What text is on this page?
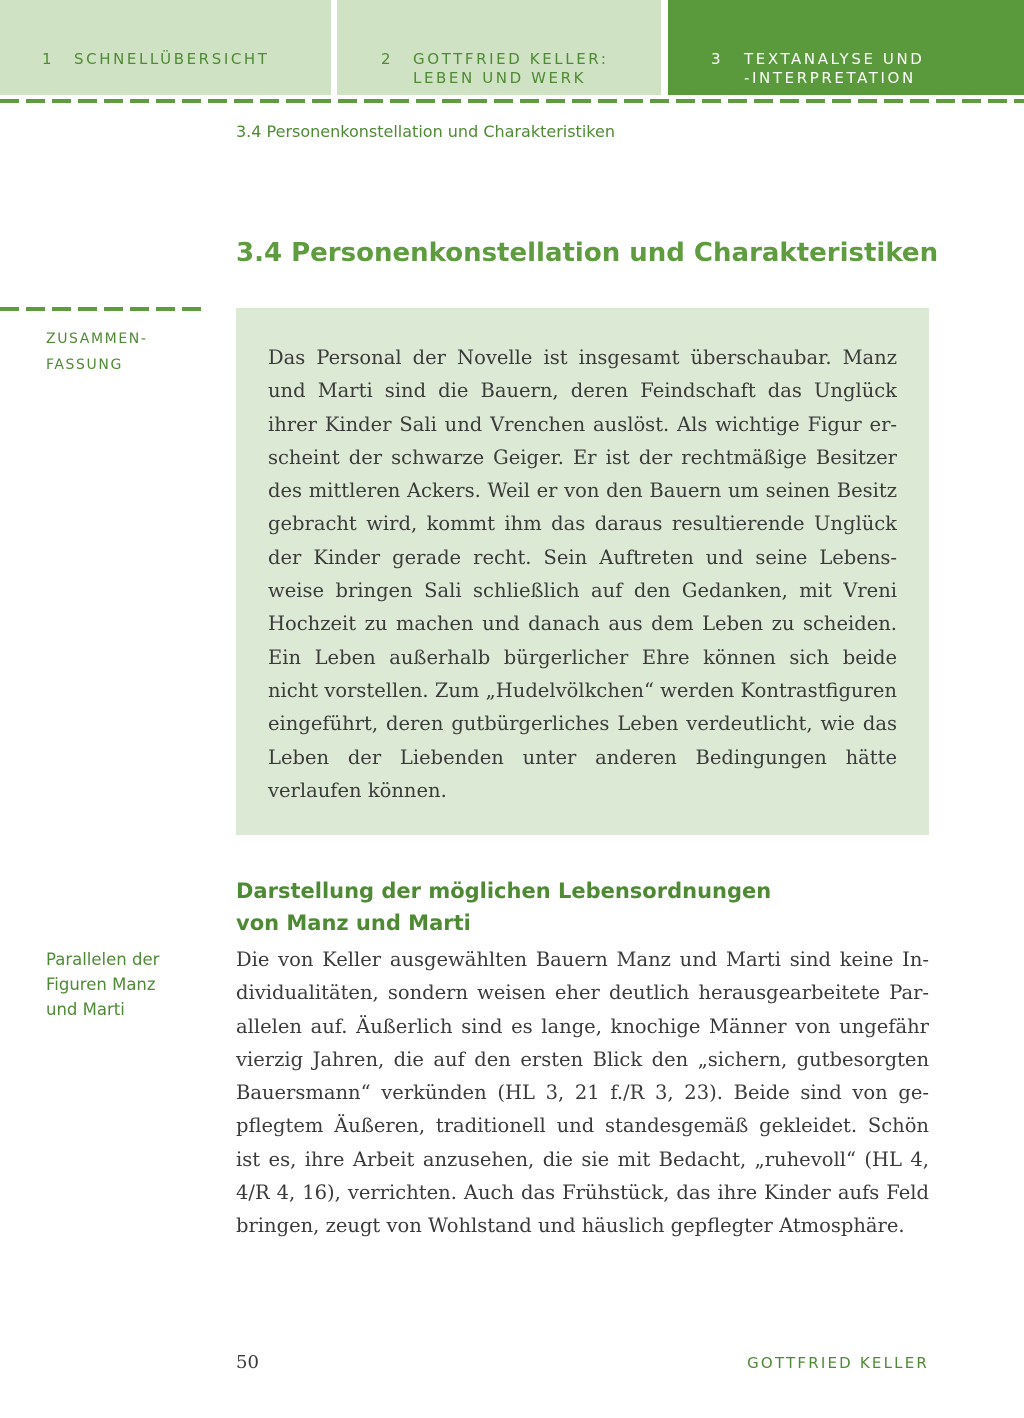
1 SCHNELLÜBERSICHT	2 GOTTFRIED KELLER:
LEBEN UND WERK
3 TEXTANALYSE UND
-INTERPRETATION
3.4 Personenkonstellation und Charakteristiken
3.4 Personenkonstellation und Charakteristiken
ZUSAMMEN-
FASSUNG	Das Personal der Novelle ist insgesamt überschaubar. Manz und Marti sind die Bauern, deren Feindschaft das Unglück ihrer Kinder Sali und Vrenchen auslöst. Als wichtige Figur erscheint der schwarze Geiger. Er ist der rechtmäßige Besitzer des mittleren Ackers. Weil er von den Bauern um seinen Besitz gebracht wird, kommt ihm das daraus resultierende Unglück der Kinder gerade recht. Sein Auftreten und seine Lebensweise bringen Sali schließlich auf den Gedanken, mit Vreni Hochzeit zu machen und danach aus dem Leben zu scheiden. Ein Leben außerhalb bürgerlicher Ehre können sich beide nicht vorstellen. Zum „Hudelvölkchen“ werden Kontrastfiguren eingeführt, deren gutbürgerliches Leben verdeutlicht, wie das Leben der Liebenden unter anderen Bedingungen hätte verlaufen können.

Darstellung der möglichen Lebensordnungen
von Manz und Marti
Parallelen der
Figuren Manz
und Marti

Die von Keller ausgewählten Bauern Manz und Marti sind keine Individualitäten, sondern weisen eher deutlich herausgearbeitete Parallelen auf. Äußerlich sind es lange, knochige Männer von ungefähr vierzig Jahren, die auf den ersten Blick den „sichern, gutbesorgten Bauersmann“ verkünden (HL 3, 21 f./R 3, 23). Beide sind von gepflegtem Äußeren, traditionell und standesgemäß gekleidet. Schön ist es, ihre Arbeit anzusehen, die sie mit Bedacht, „ruhevoll“ (HL 4, 4/R 4, 16), verrichten. Auch das Frühstück, das ihre Kinder aufs Feld bringen, zeugt von Wohlstand und häuslich gepflegter Atmosphäre.

50	GOTTFRIED KELLER
